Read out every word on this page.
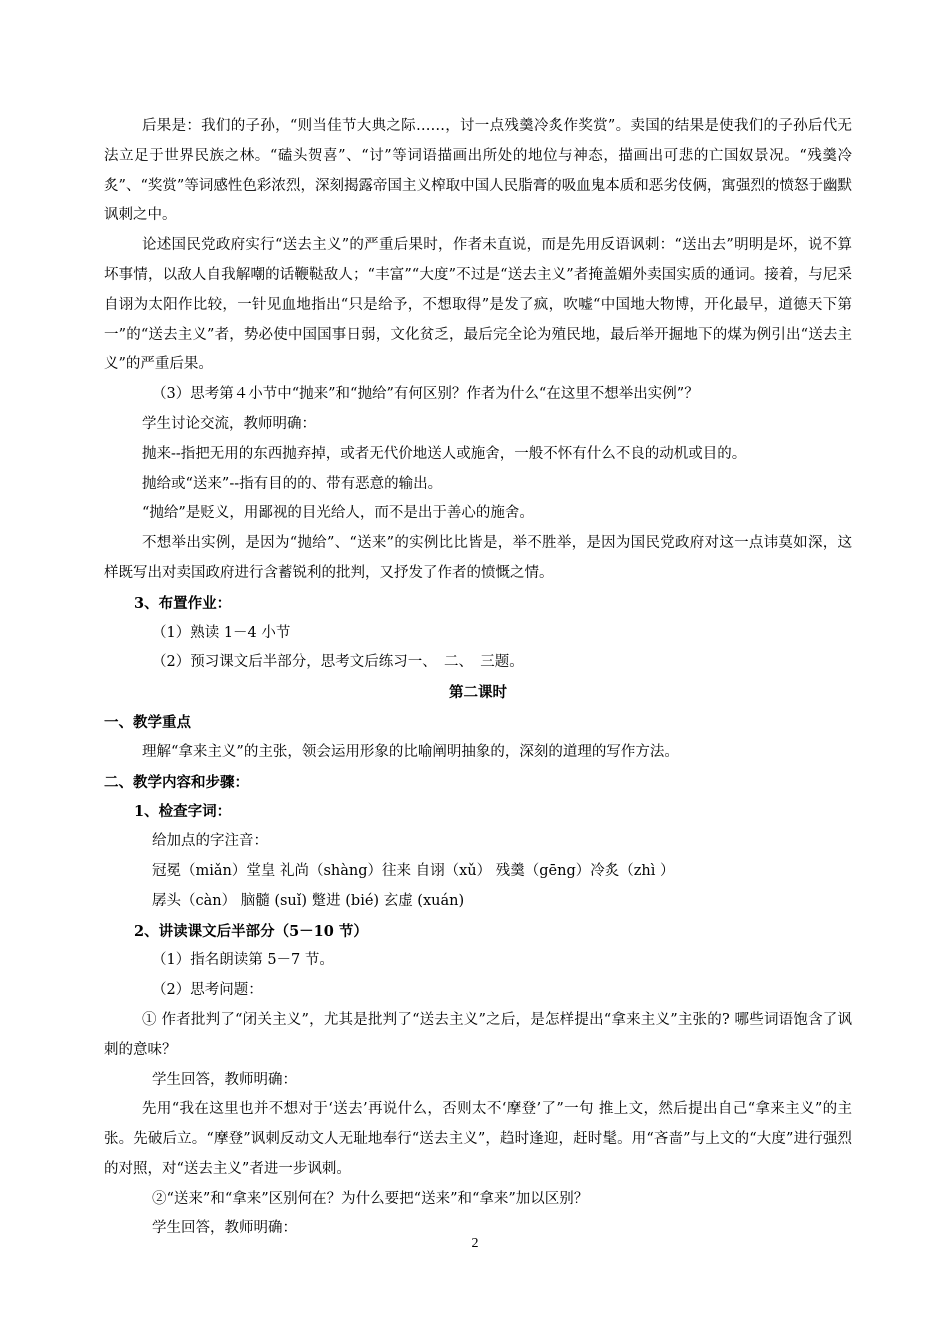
后果是：我们的子孙，“则当佳节大典之际……，讨一点残羹冷炙作奖赏”。卖国的结果是使我们的子孙后代无法立足于世界民族之林。“磕头贺喜”、“讨”等词语描画出所处的地位与神态，描画出可悲的亡国奴景况。“残羹冷炙”、“奖赏”等词感性色彩浓烈，深刻揭露帝国主义榨取中国人民脂膏的吸血鬼本质和恶劣伎俩，寓强烈的愤怒于幽默讽刺之中。

论述国民党政府实行“送去主义”的严重后果时，作者未直说，而是先用反语讽刺：“送出去”明明是坏，说不算坏事情，以敌人自我解嘲的话鞭鞑敌人；“丰富”“大度”不过是“送去主义”者掩盖媚外卖国实质的通词。接着，与尼采自诩为太阳作比较，一针见血地指出“只是给予，不想取得”是发了疯，吹嘘“中国地大物博，开化最早，道德天下第一”的“送去主义”者，势必使中国国事日弱，文化贫乏，最后完全论为殖民地，最后举开掘地下的煤为例引出“送去主义”的严重后果。

（3）思考第４小节中“抛来”和“抛给”有何区别？作者为什么“在这里不想举出实例”？

学生讨论交流，教师明确：

抛来--指把无用的东西抛弃掉，或者无代价地送人或施舍，一般不怀有什么不良的动机或目的。

抛给或“送来”--指有目的的、带有恶意的输出。

“抛给”是贬义，用鄙视的目光给人，而不是出于善心的施舍。

不想举出实例，是因为“抛给”、“送来”的实例比比皆是，举不胜举，是因为国民党政府对这一点讳莫如深，这样既写出对卖国政府进行含蓄锐利的批判，又抒发了作者的愤慨之情。

3、布置作业：

（1）熟读 1－4 小节

（2）预习课文后半部分，思考文后练习一、　二、　三题。

第二课时

一、教学重点

理解“拿来主义”的主张，领会运用形象的比喻阐明抽象的，深刻的道理的写作方法。

二、教学内容和步骤：

1、检查字词：

给加点的字注音：

冠冕（miǎn）堂皇 礼尚（shàng）往来 自诩（xǔ） 残羹（gēng）冷炙（zhì ）

孱头（càn） 脑髓 (suǐ) 蹩进 (bié) 玄虚 (xuán)

2、讲读课文后半部分（5－10 节）

（1）指名朗读第 5－7 节。

（2）思考问题：

① 作者批判了“闭关主义”，尤其是批判了“送去主义”之后，是怎样提出“拿来主义”主张的? 哪些词语饱含了讽刺的意味？

学生回答，教师明确：

先用“我在这里也并不想对于‘送去’再说什么，否则太不‘摩登’了”一句 推上文，然后提出自己“拿来主义”的主张。先破后立。“摩登”讽刺反动文人无耻地奉行“送去主义”，趋时逢迎，赶时髦。用“吝啬”与上文的“大度”进行强烈的对照，对“送去主义”者进一步讽刺。

②“送来”和“拿来”区别何在？为什么要把“送来”和“拿来”加以区别？

学生回答，教师明确：

2
